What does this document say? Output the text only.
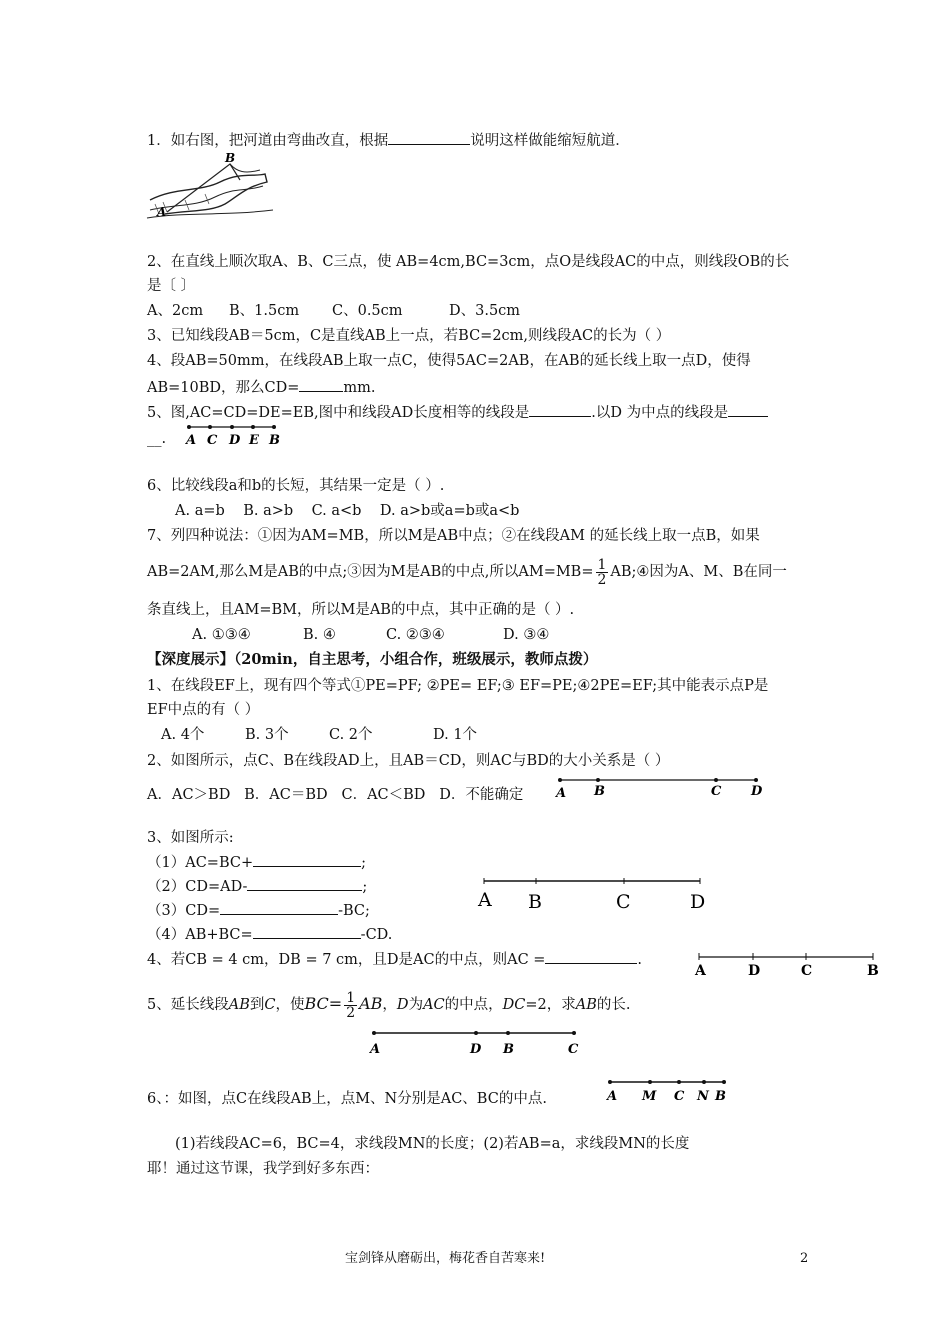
1．如右图，把河道由弯曲改直，根据	说明这样做能缩短航道．
B
A
2、在直线上顺次取A、B、C三点，使 AB=4cm,BC=3cm，点O是线段AC的中点，则线段OB的长
是〔 〕
A、2cm B、1.5cm C、0.5cm	D、3.5cm
3、已知线段AB＝5cm，C是直线AB上一点，若BC=2cm,则线段AC的长为（ ）
4、段AB=50mm，在线段AB上取一点C，使得5AC=2AB，在AB的延长线上取一点D，使得
AB=10BD，那么CD=	mm.
5、图,AC=CD=DE=EB,图中和线段AD长度相等的线段是	.以D 为中点的线段是
__. A C D E B
6、比较线段a和b的长短，其结果一定是（ ）.
A. a=b    B. a>b    C. a<b    D. a>b或a=b或a<b
7、列四种说法：①因为AM=MB，所以M是AB中点；②在线段AM 的延长线上取一点B，如果
AB=2AM,那么M是AB的中点;③因为M是AB的中点,所以$AM=MB= \frac{1}{2}$ AB;④因为A、M、B在同一
条直线上，且AM=BM，所以M是AB的中点，其中正确的是（ ）.
A. ①③④	B. ④	C. ②③④	D. ③④
【深度展示】（20min，自主思考，小组合作，班级展示，教师点拨）
1、在线段EF上，现有四个等式①PE=PF; ②PE= EF;③ EF=PE;④2PE=EF;其中能表示点P是
EF中点的有（ ）
A. 4个	B. 3个	C. 2个	D. 1个
2、如图所示，点C、B在线段AD上，且AB＝CD，则AC与BD的大小关系是（ ）
A．AC＞BD   B．AC＝BD   C．AC＜BD   D．不能确定	A B	C D
3、如图所示:
（1）AC=BC+	;
（2）CD=AD-	;
（3）CD=	-BC;
（4）AB+BC=	-CD.
A B	C	D
4、若CB = 4 cm，DB = 7 cm，且D是AC的中点，则AC =	.
A	D	C	B
5、延长线段AB到C，使$BC= \frac{1}{2}$ AB，D为AC的中点，DC=2，求AB的长.
A	D B	C
6、：如图，点C在线段AB上，点M、N分别是AC、BC的中点.	A M C N B
(1)若线段AC=6，BC=4，求线段MN的长度；(2)若AB=a，求线段MN的长度
耶！通过这节课，我学到好多东西：
宝剑锋从磨砺出，梅花香自苦寒来!	2
